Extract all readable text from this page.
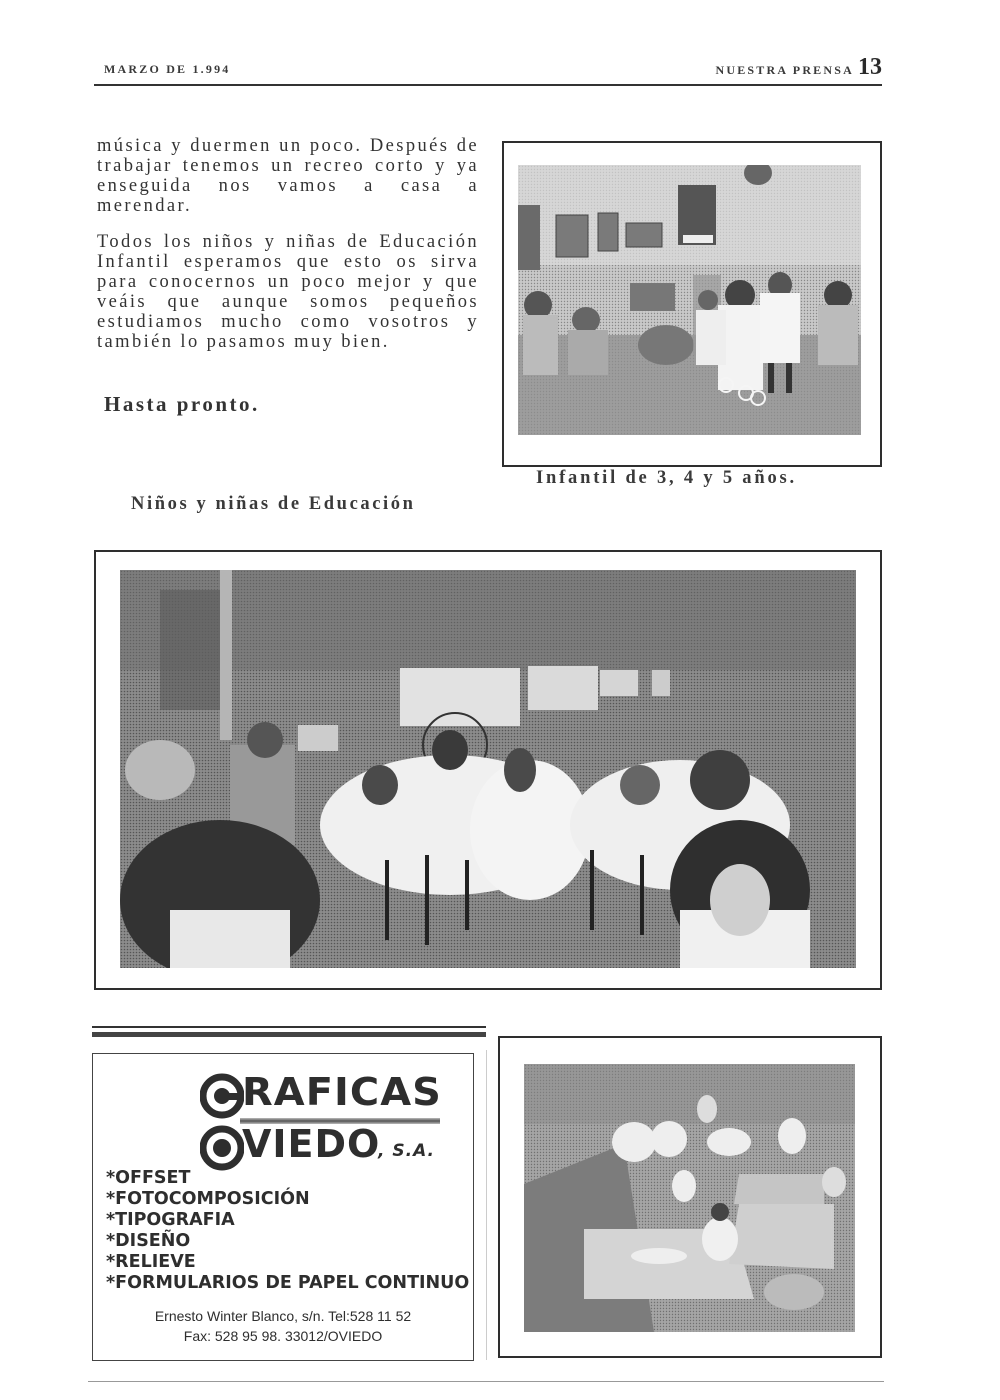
MARZO DE 1.994	NUESTRA PRENSA 13

música y duermen un poco. Después de trabajar tenemos un recreo corto y ya enseguida nos vamos a casa a merendar.

Todos los niños y niñas de Educación Infantil esperamos que esto os sirva para conocernos un poco mejor y que veáis que aunque somos pequeños estudiamos mucho como vosotros y también lo pasamos muy bien.

Hasta pronto.
Infantil de 3, 4 y 5 años.
Niños y niñas de Educación
RAFICAS
VIEDO
, S.A.
*OFFSET
*FOTOCOMPOSICIÓN
*TIPOGRAFIA
*DISEÑO
*RELIEVE
*FORMULARIOS DE PAPEL CONTINUO
Ernesto Winter Blanco, s/n. Tel:528 11 52
Fax: 528 95 98. 33012/OVIEDO
